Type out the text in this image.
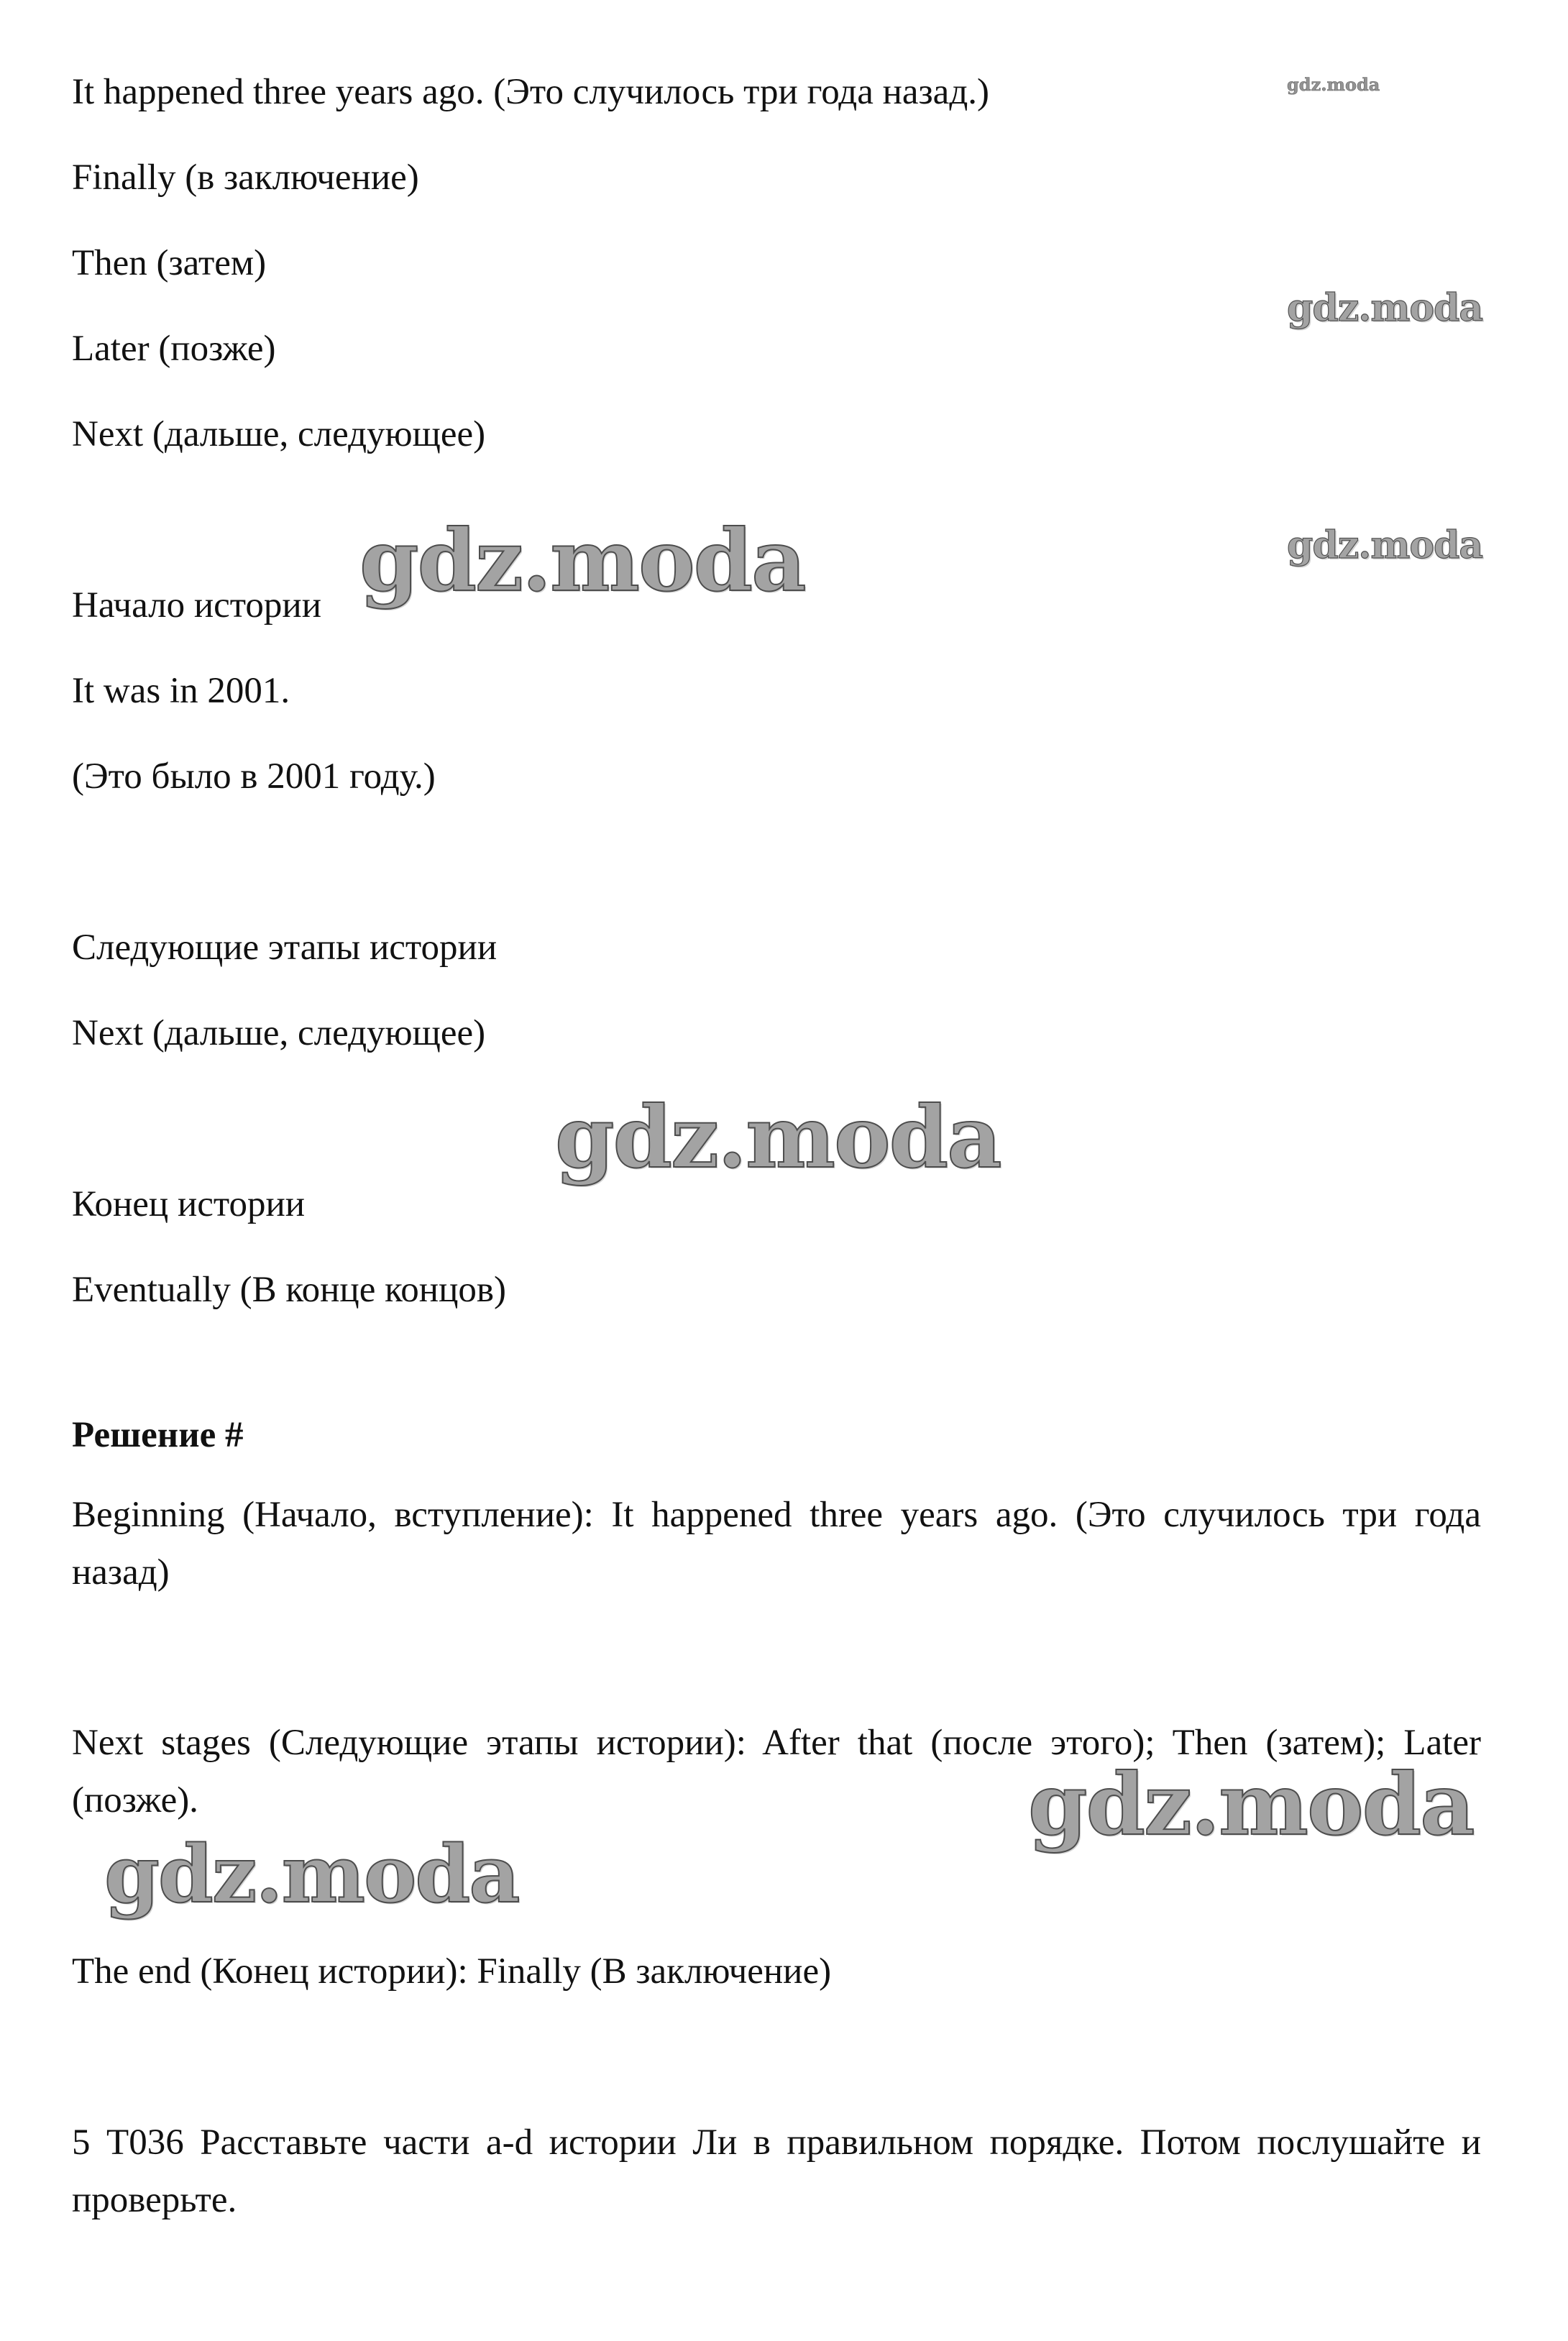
It happened three years ago. (Это случилось три года назад.)

Finally (в заключение)

Then (затем)

Later (позже)

Next (дальше, следующее)

Начало истории

It was in 2001.

(Это было в 2001 году.)

Следующие этапы истории

Next (дальше, следующее)

Конец истории

Eventually (В конце концов)

Решение #

Beginning (Начало, вступление): It happened three years ago. (Это случилось три года назад)

Next stages (Следующие этапы истории): After that (после этого); Then (затем); Later (позже).

The end (Конец истории): Finally (В заключение)

5 Т036 Расставьте части a-d истории Ли в правильном порядке. Потом послушайте и проверьте.

gdz.moda
gdz.moda
gdz.moda
gdz.moda
gdz.moda
gdz.moda
gdz.moda
